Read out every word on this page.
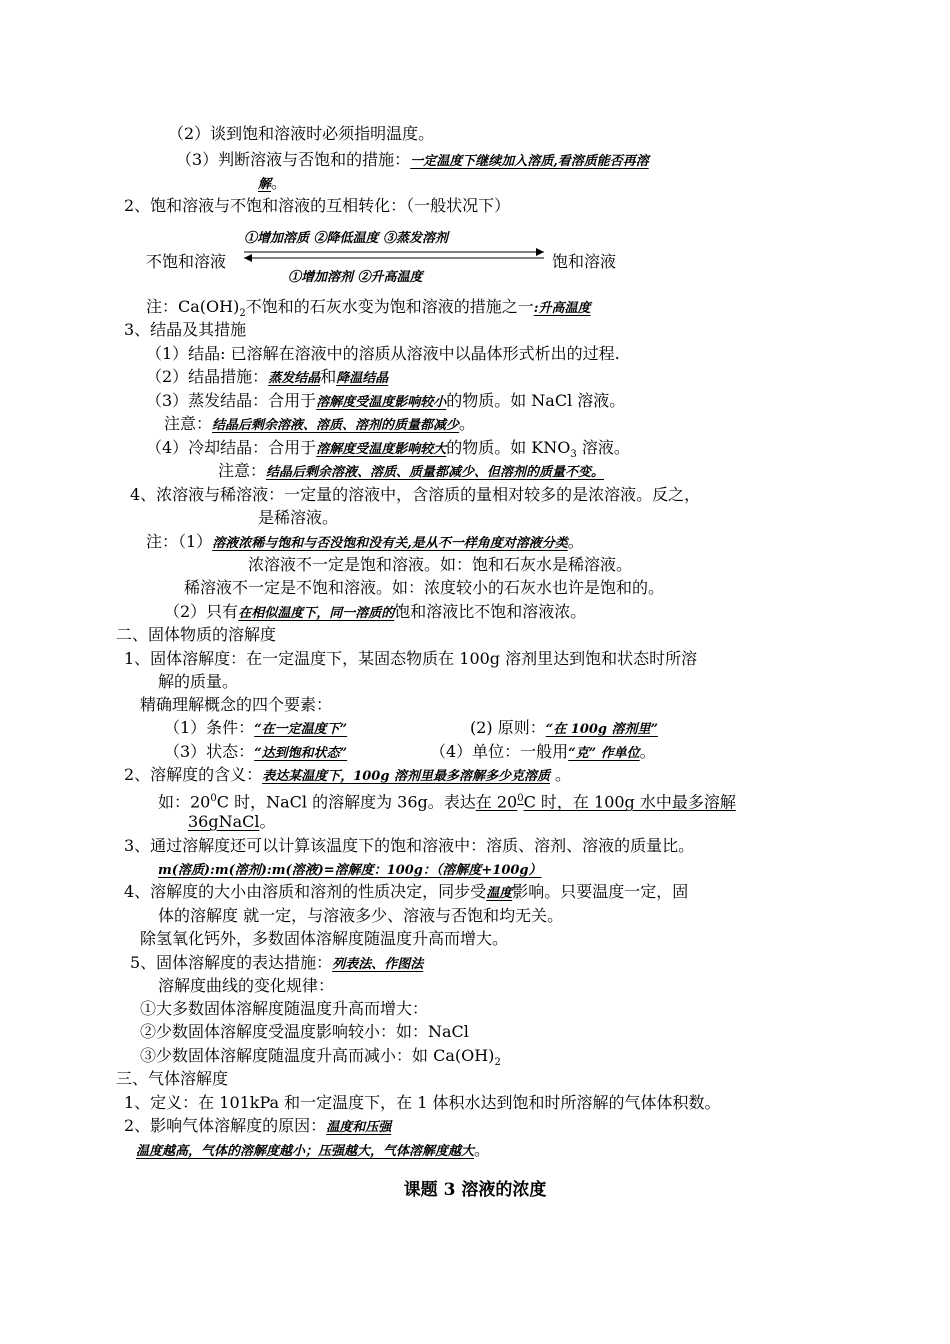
（2）谈到饱和溶液时必须指明温度。
（3）判断溶液与否饱和的措施：一定温度下继续加入溶质,看溶质能否再溶
解。
2、饱和溶液与不饱和溶液的互相转化：（一般状况下）
①增加溶质 ②降低温度 ③蒸发溶剂
不饱和溶液	饱和溶液
①增加溶剂 ②升高温度
注：$Ca(OH)_2$不饱和的石灰水变为饱和溶液的措施之一:升高温度
3、结晶及其措施
（1）结晶: 已溶解在溶液中的溶质从溶液中以晶体形式析出的过程.
（2）结晶措施：蒸发结晶和降温结晶
（3）蒸发结晶：合用于溶解度受温度影响较小的物质。如 NaCl 溶液。
注意：结晶后剩余溶液、溶质、溶剂的质量都减少。
（4）冷却结晶：合用于溶解度受温度影响较大的物质。如 $KNO_3$ 溶液。
注意：结晶后剩余溶液、溶质、质量都减少、但溶剂的质量不变。
4、浓溶液与稀溶液：一定量的溶液中，含溶质的量相对较多的是浓溶液。反之，
是稀溶液。
注：（1）溶液浓稀与饱和与否没饱和没有关,是从不一样角度对溶液分类。
浓溶液不一定是饱和溶液。如：饱和石灰水是稀溶液。
稀溶液不一定是不饱和溶液。如：浓度较小的石灰水也许是饱和的。
（2）只有在相似温度下，同一溶质的饱和溶液比不饱和溶液浓。
二、固体物质的溶解度
1、固体溶解度：在一定温度下，某固态物质在 100g 溶剂里达到饱和状态时所溶
解的质量。
精确理解概念的四个要素：
（1）条件：“在一定温度下”	(2) 原则：“在 100g 溶剂里”
（3）状态：“达到饱和状态”	（4）单位：一般用“克” 作单位。
2、溶解度的含义：表达某温度下，100g 溶剂里最多溶解多少克溶质 。
如：$20^0C$ 时，NaCl 的溶解度为 36g。表达在 $20^0C$ 时，在 100g 水中最多溶解
36gNaCl。
3、通过溶解度还可以计算该温度下的饱和溶液中：溶质、溶剂、溶液的质量比。
m(溶质):m(溶剂):m(溶液)=溶解度：100g：（溶解度+100g）
4、溶解度的大小由溶质和溶剂的性质决定，同步受温度影响。只要温度一定，固
体的溶解度 就一定，与溶液多少、溶液与否饱和均无关。
除氢氧化钙外，多数固体溶解度随温度升高而增大。
5、固体溶解度的表达措施：列表法、作图法
溶解度曲线的变化规律：
①大多数固体溶解度随温度升高而增大：
②少数固体溶解度受温度影响较小：如：NaCl
③少数固体溶解度随温度升高而减小：如 $Ca(OH)_2$
三、气体溶解度
1、定义：在 101kPa 和一定温度下，在 1 体积水达到饱和时所溶解的气体体积数。
2、影响气体溶解度的原因：温度和压强
温度越高，气体的溶解度越小；压强越大，气体溶解度越大。
课题 3 溶液的浓度
